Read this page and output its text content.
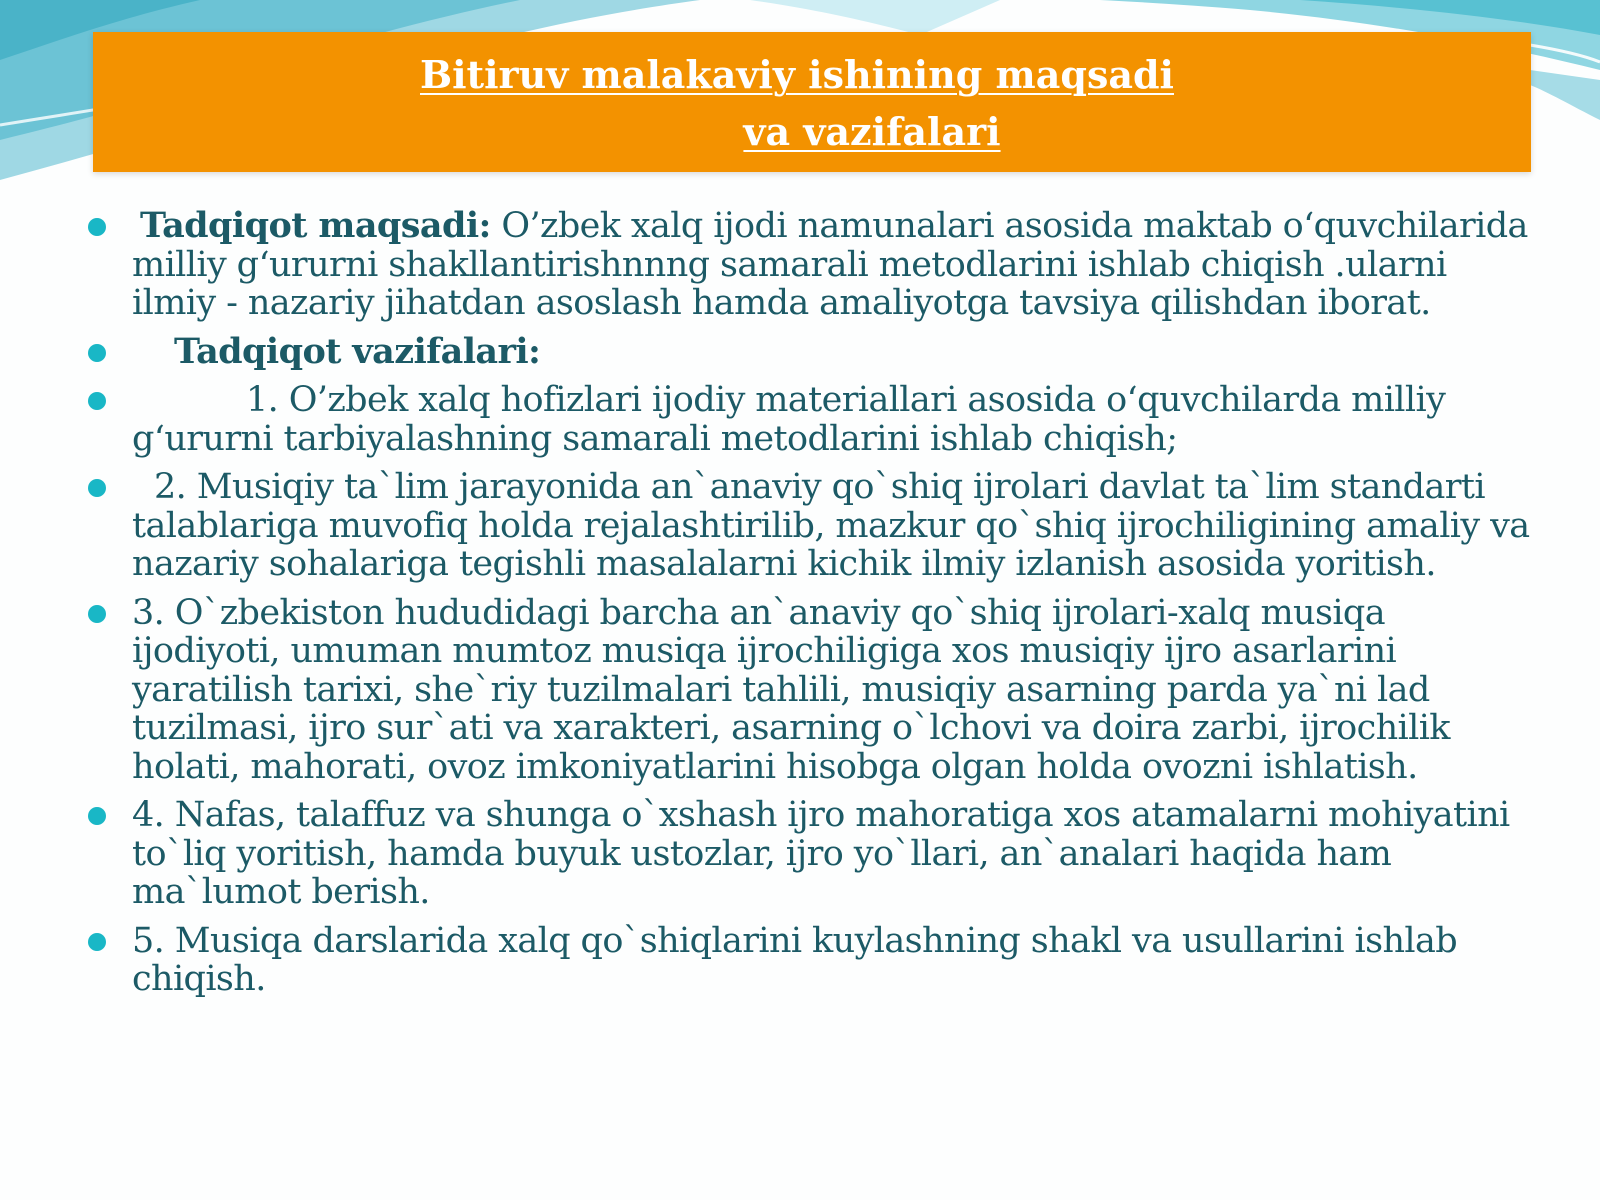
Bitiruv malakaviy ishining maqsadi
va vazifalari
Tadqiqot maqsadi: O’zbek xalq ijodi namunalari asosida maktab o‘quvchilarida milliy g‘ururni shakllantirishnnng samarali metodlarini ishlab chiqish .ularni ilmiy - nazariy jihatdan asoslash hamda amaliyotga tavsiya qilishdan iborat.
Tadqiqot vazifalari:
1. O’zbek xalq hofizlari ijodiy materiallari asosida o‘quvchilarda milliy g‘ururni tarbiyalashning samarali metodlarini ishlab chiqish;
2. Musiqiy ta`lim jarayonida an`anaviy qo`shiq ijrolari davlat ta`lim standarti talablariga muvofiq holda rejalashtirilib, mazkur qo`shiq ijrochiligining amaliy va nazariy sohalariga tegishli masalalarni kichik ilmiy izlanish asosida yoritish.
3. O`zbekiston hududidagi barcha an`anaviy qo`shiq ijrolari-xalq musiqa ijodiyoti, umuman mumtoz musiqa ijrochiligiga xos musiqiy ijro asarlarini yaratilish tarixi, she`riy tuzilmalari tahlili, musiqiy asarning parda ya`ni lad tuzilmasi, ijro sur`ati va xarakteri, asarning o`lchovi va doira zarbi, ijrochilik holati, mahorati, ovoz imkoniyatlarini hisobga olgan holda ovozni ishlatish.
4. Nafas, talaffuz va shunga o`xshash ijro mahoratiga xos atamalarni mohiyatini to`liq yoritish, hamda buyuk ustozlar, ijro yo`llari, an`analari haqida ham ma`lumot berish.
5. Musiqa darslarida xalq qo`shiqlarini kuylashning shakl va usullarini ishlab chiqish.
